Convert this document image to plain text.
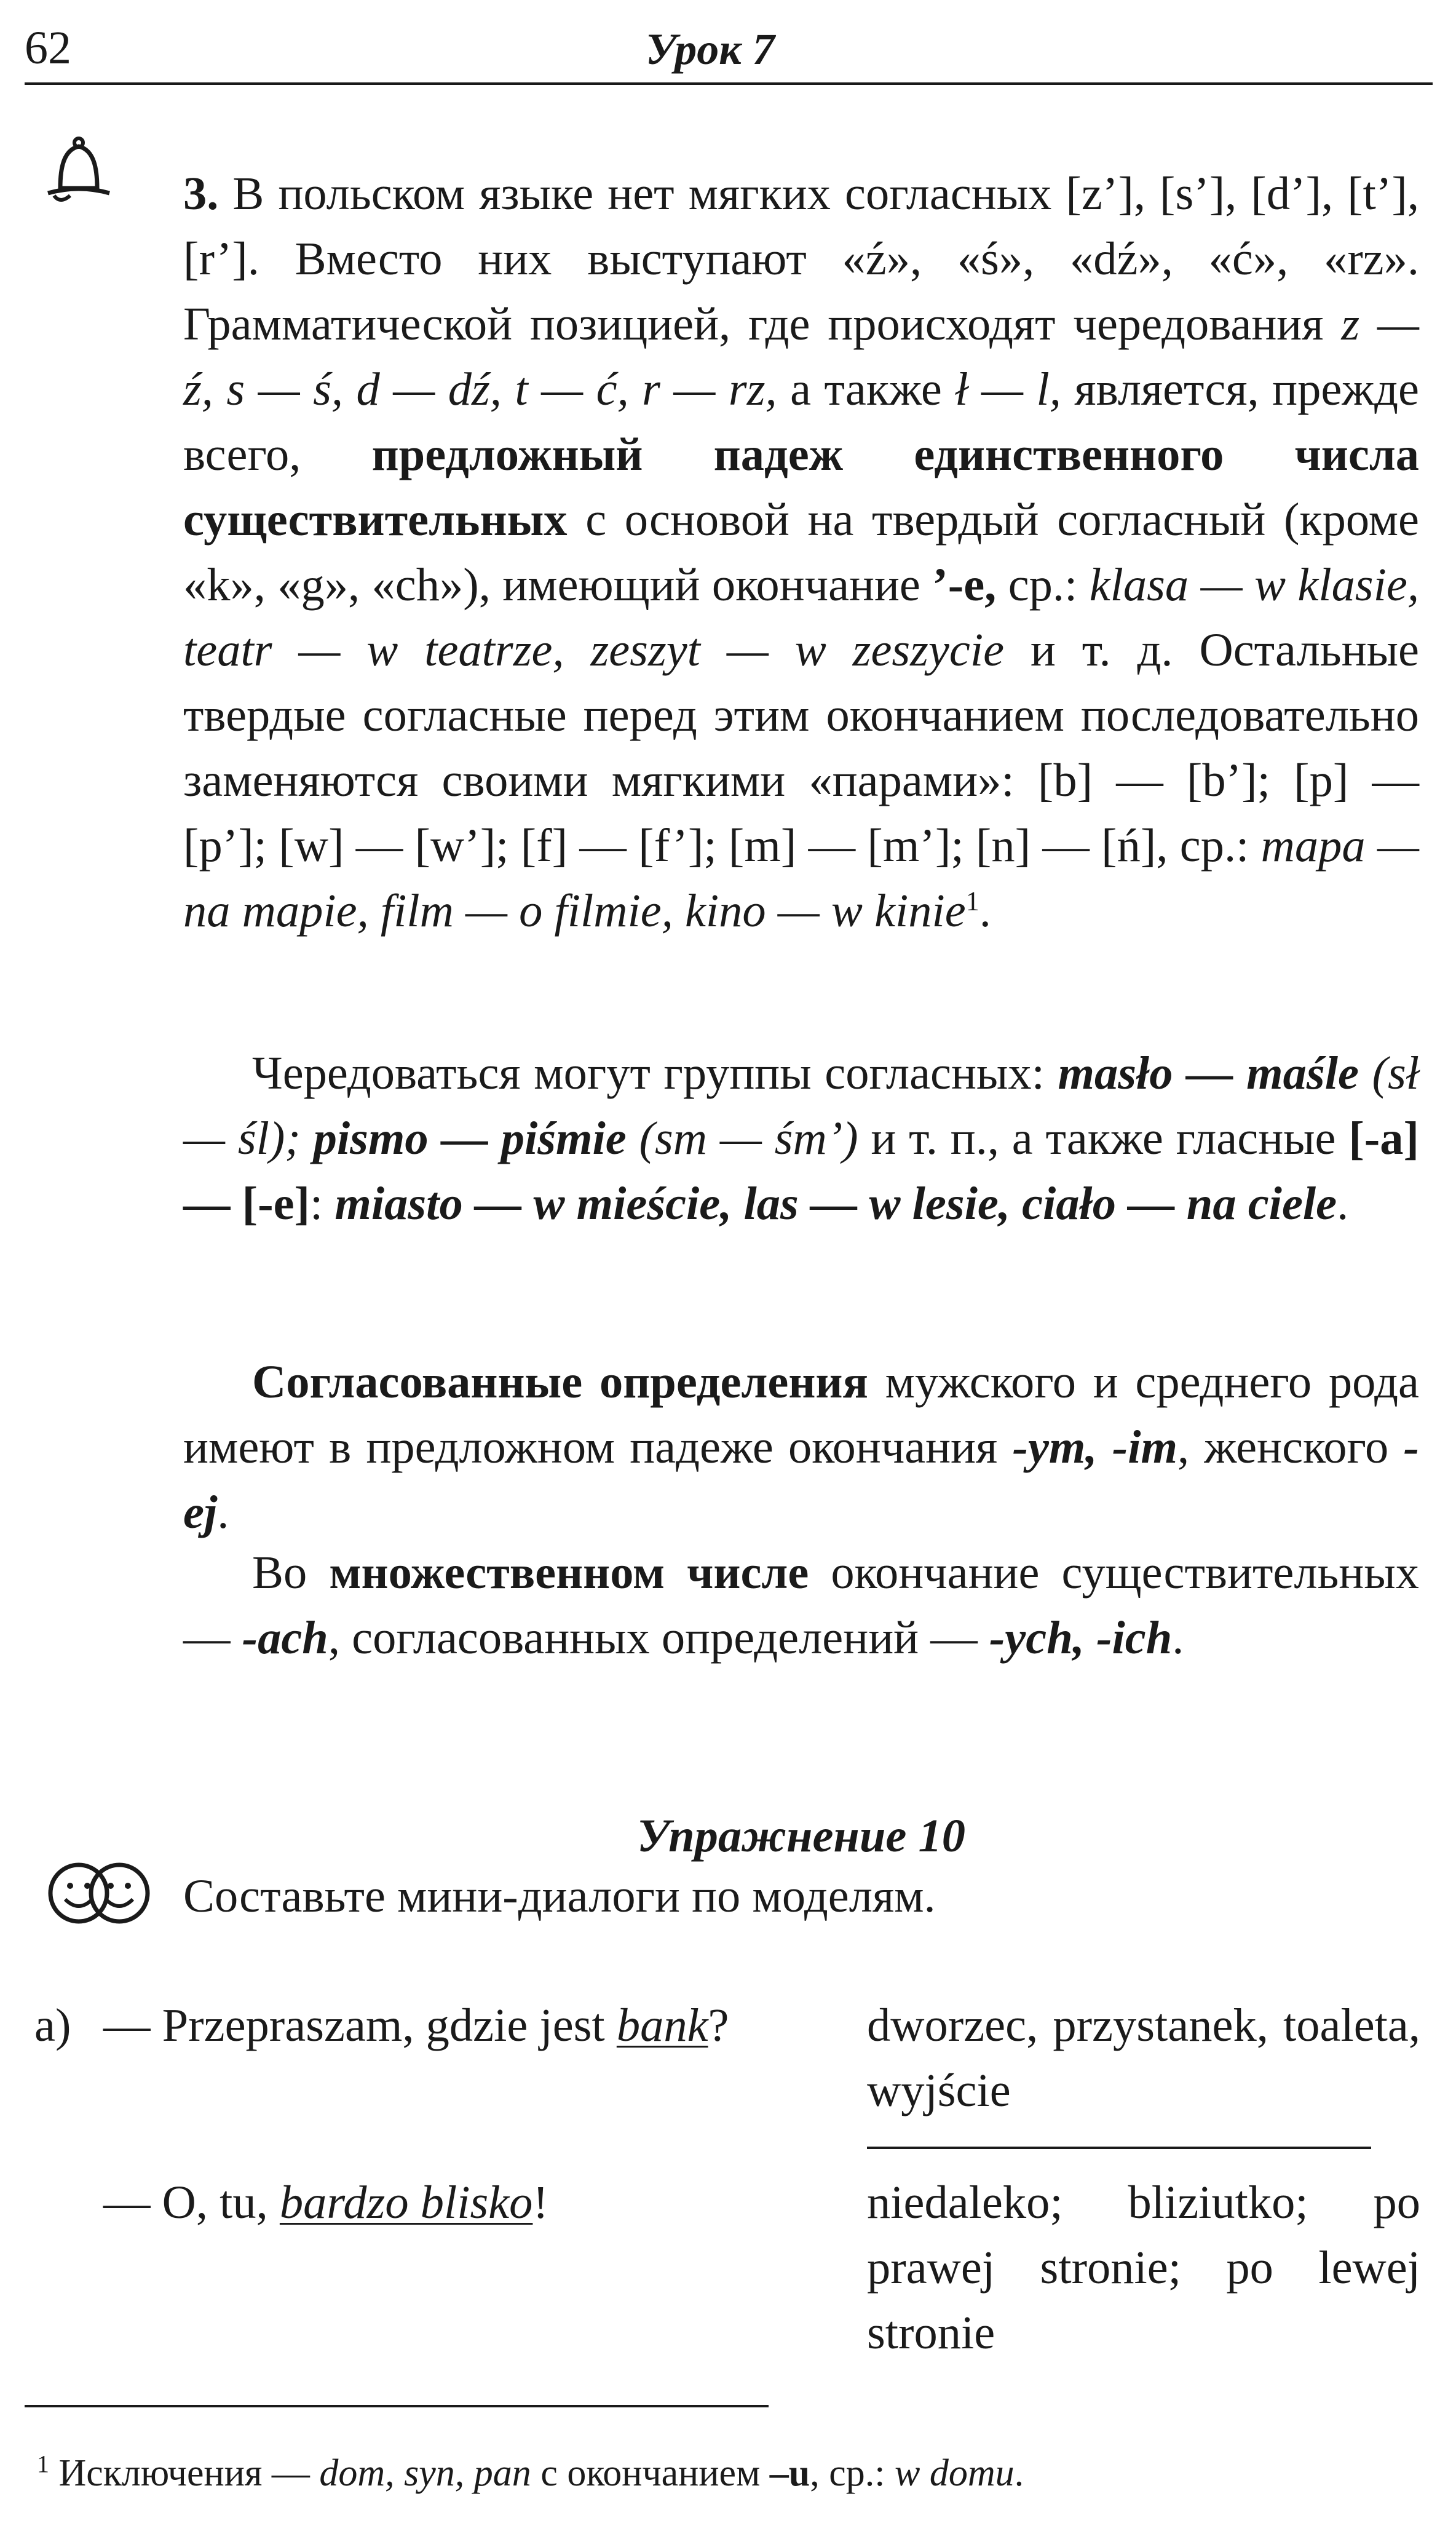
62	Урок 7
3. В польском языке нет мягких согласных [z’], [s’], [d’], [t’], [r’]. Вместо них выступают «ź», «ś», «dź», «ć», «rz». Грамматической позицией, где происходят чередования z — ź, s — ś, d — dź, t — ć, r — rz, а также ł — l, является, прежде всего, предложный падеж единственного числа существительных с основой на твердый согласный (кроме «k», «g», «ch»), имеющий окончание ’-е, ср.: klasa — w klasie, teatr — w teatrze, zeszyt — w zeszycie и т. д. Остальные твердые согласные перед этим окончанием последовательно заменяются своими мягкими «парами»: [b] — [b’]; [p] — [p’]; [w] — [w’]; [f] — [f’]; [m] — [m’]; [n] — [ń], ср.: mapa — na mapie, film — o filmie, kino — w kinie$^1$.
Чередоваться могут группы согласных: masło — maśle (sł — śl); pismo — piśmie (sm — śm’) и т. п., а также гласные [-а] — [-е]: miasto — w mieście, las — w lesie, ciało — na ciele.
Согласованные определения мужского и среднего рода имеют в предложном падеже окончания -ym, -im, женского -ej.
Во множественном числе окончание существительных — -ach, согласованных определений — -ych, -ich.
Упражнение 10
Составьте мини-диалоги по моделям.
а) — Przepraszam, gdzie jest bank?	dworzec, przystanek, toaleta, wyjście
— O, tu, bardzo blisko!	niedaleko; bliziutko; po prawej stronie; po lewej stronie
$^1$ Исключения — dom, syn, pan с окончанием –u, ср.: w domu.
